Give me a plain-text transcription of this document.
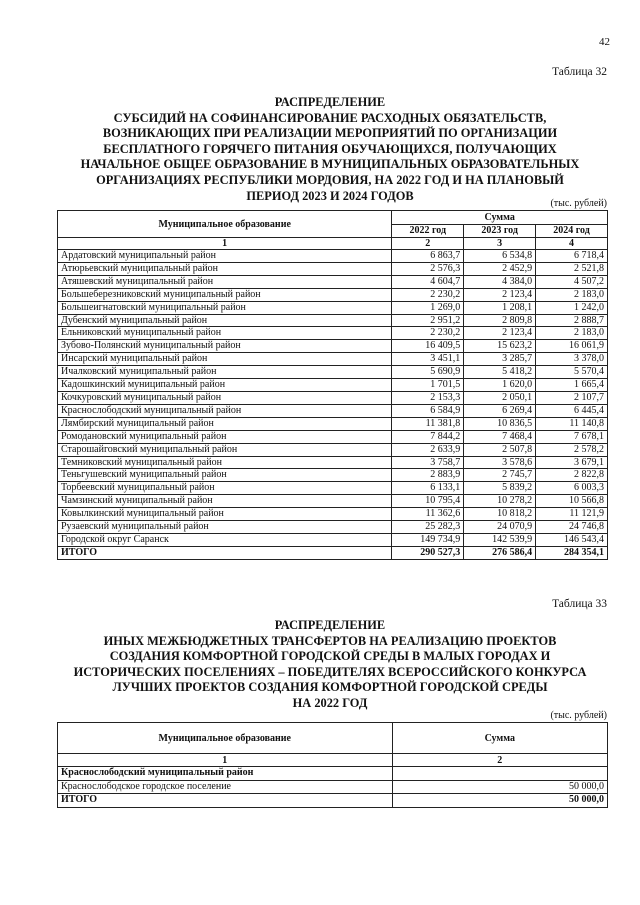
42
Таблица 32
РАСПРЕДЕЛЕНИЕ
СУБСИДИЙ НА СОФИНАНСИРОВАНИЕ РАСХОДНЫХ ОБЯЗАТЕЛЬСТВ,
ВОЗНИКАЮЩИХ ПРИ РЕАЛИЗАЦИИ МЕРОПРИЯТИЙ ПО ОРГАНИЗАЦИИ
БЕСПЛАТНОГО ГОРЯЧЕГО ПИТАНИЯ ОБУЧАЮЩИХСЯ, ПОЛУЧАЮЩИХ
НАЧАЛЬНОЕ ОБЩЕЕ ОБРАЗОВАНИЕ В МУНИЦИПАЛЬНЫХ ОБРАЗОВАТЕЛЬНЫХ
ОРГАНИЗАЦИЯХ РЕСПУБЛИКИ МОРДОВИЯ, НА 2022 ГОД И НА ПЛАНОВЫЙ
ПЕРИОД 2023 И 2024 ГОДОВ
(тыс. рублей)
Муниципальное образование	Сумма		
	2022 год	2023 год	2024 год
1	2	3	4
Ардатовский муниципальный район	6 863,7	6 534,8	6 718,4
Атюрьевский муниципальный район	2 576,3	2 452,9	2 521,8
Атяшевский муниципальный район	4 604,7	4 384,0	4 507,2
Большеберезниковский муниципальный район	2 230,2	2 123,4	2 183,0
Большеигнатовский муниципальный район	1 269,0	1 208,1	1 242,0
Дубенский муниципальный район	2 951,2	2 809,8	2 888,7
Ельниковский муниципальный район	2 230,2	2 123,4	2 183,0
Зубово-Полянский муниципальный район	16 409,5	15 623,2	16 061,9
Инсарский муниципальный район	3 451,1	3 285,7	3 378,0
Ичалковский муниципальный район	5 690,9	5 418,2	5 570,4
Кадошкинский муниципальный район	1 701,5	1 620,0	1 665,4
Кочкуровский муниципальный район	2 153,3	2 050,1	2 107,7
Краснослободский муниципальный район	6 584,9	6 269,4	6 445,4
Лямбирский муниципальный район	11 381,8	10 836,5	11 140,8
Ромодановский муниципальный район	7 844,2	7 468,4	7 678,1
Старошайговский муниципальный район	2 633,9	2 507,8	2 578,2
Темниковский муниципальный район	3 758,7	3 578,6	3 679,1
Теньгушевский муниципальный район	2 883,9	2 745,7	2 822,8
Торбеевский муниципальный район	6 133,1	5 839,2	6 003,3
Чамзинский муниципальный район	10 795,4	10 278,2	10 566,8
Ковылкинский муниципальный район	11 362,6	10 818,2	11 121,9
Рузаевский муниципальный район	25 282,3	24 070,9	24 746,8
Городской округ Саранск	149 734,9	142 539,9	146 543,4
ИТОГО	290 527,3	276 586,4	284 354,1
Таблица 33
РАСПРЕДЕЛЕНИЕ
ИНЫХ МЕЖБЮДЖЕТНЫХ ТРАНСФЕРТОВ НА РЕАЛИЗАЦИЮ ПРОЕКТОВ
СОЗДАНИЯ КОМФОРТНОЙ ГОРОДСКОЙ СРЕДЫ В МАЛЫХ ГОРОДАХ И
ИСТОРИЧЕСКИХ ПОСЕЛЕНИЯХ – ПОБЕДИТЕЛЯХ ВСЕРОССИЙСКОГО КОНКУРСА
ЛУЧШИХ ПРОЕКТОВ СОЗДАНИЯ КОМФОРТНОЙ ГОРОДСКОЙ СРЕДЫ
НА 2022 ГОД
(тыс. рублей)
Муниципальное образование	Сумма
1	2
Краснослободский муниципальный район	
Краснослободское городское поселение	50 000,0
ИТОГО	50 000,0
